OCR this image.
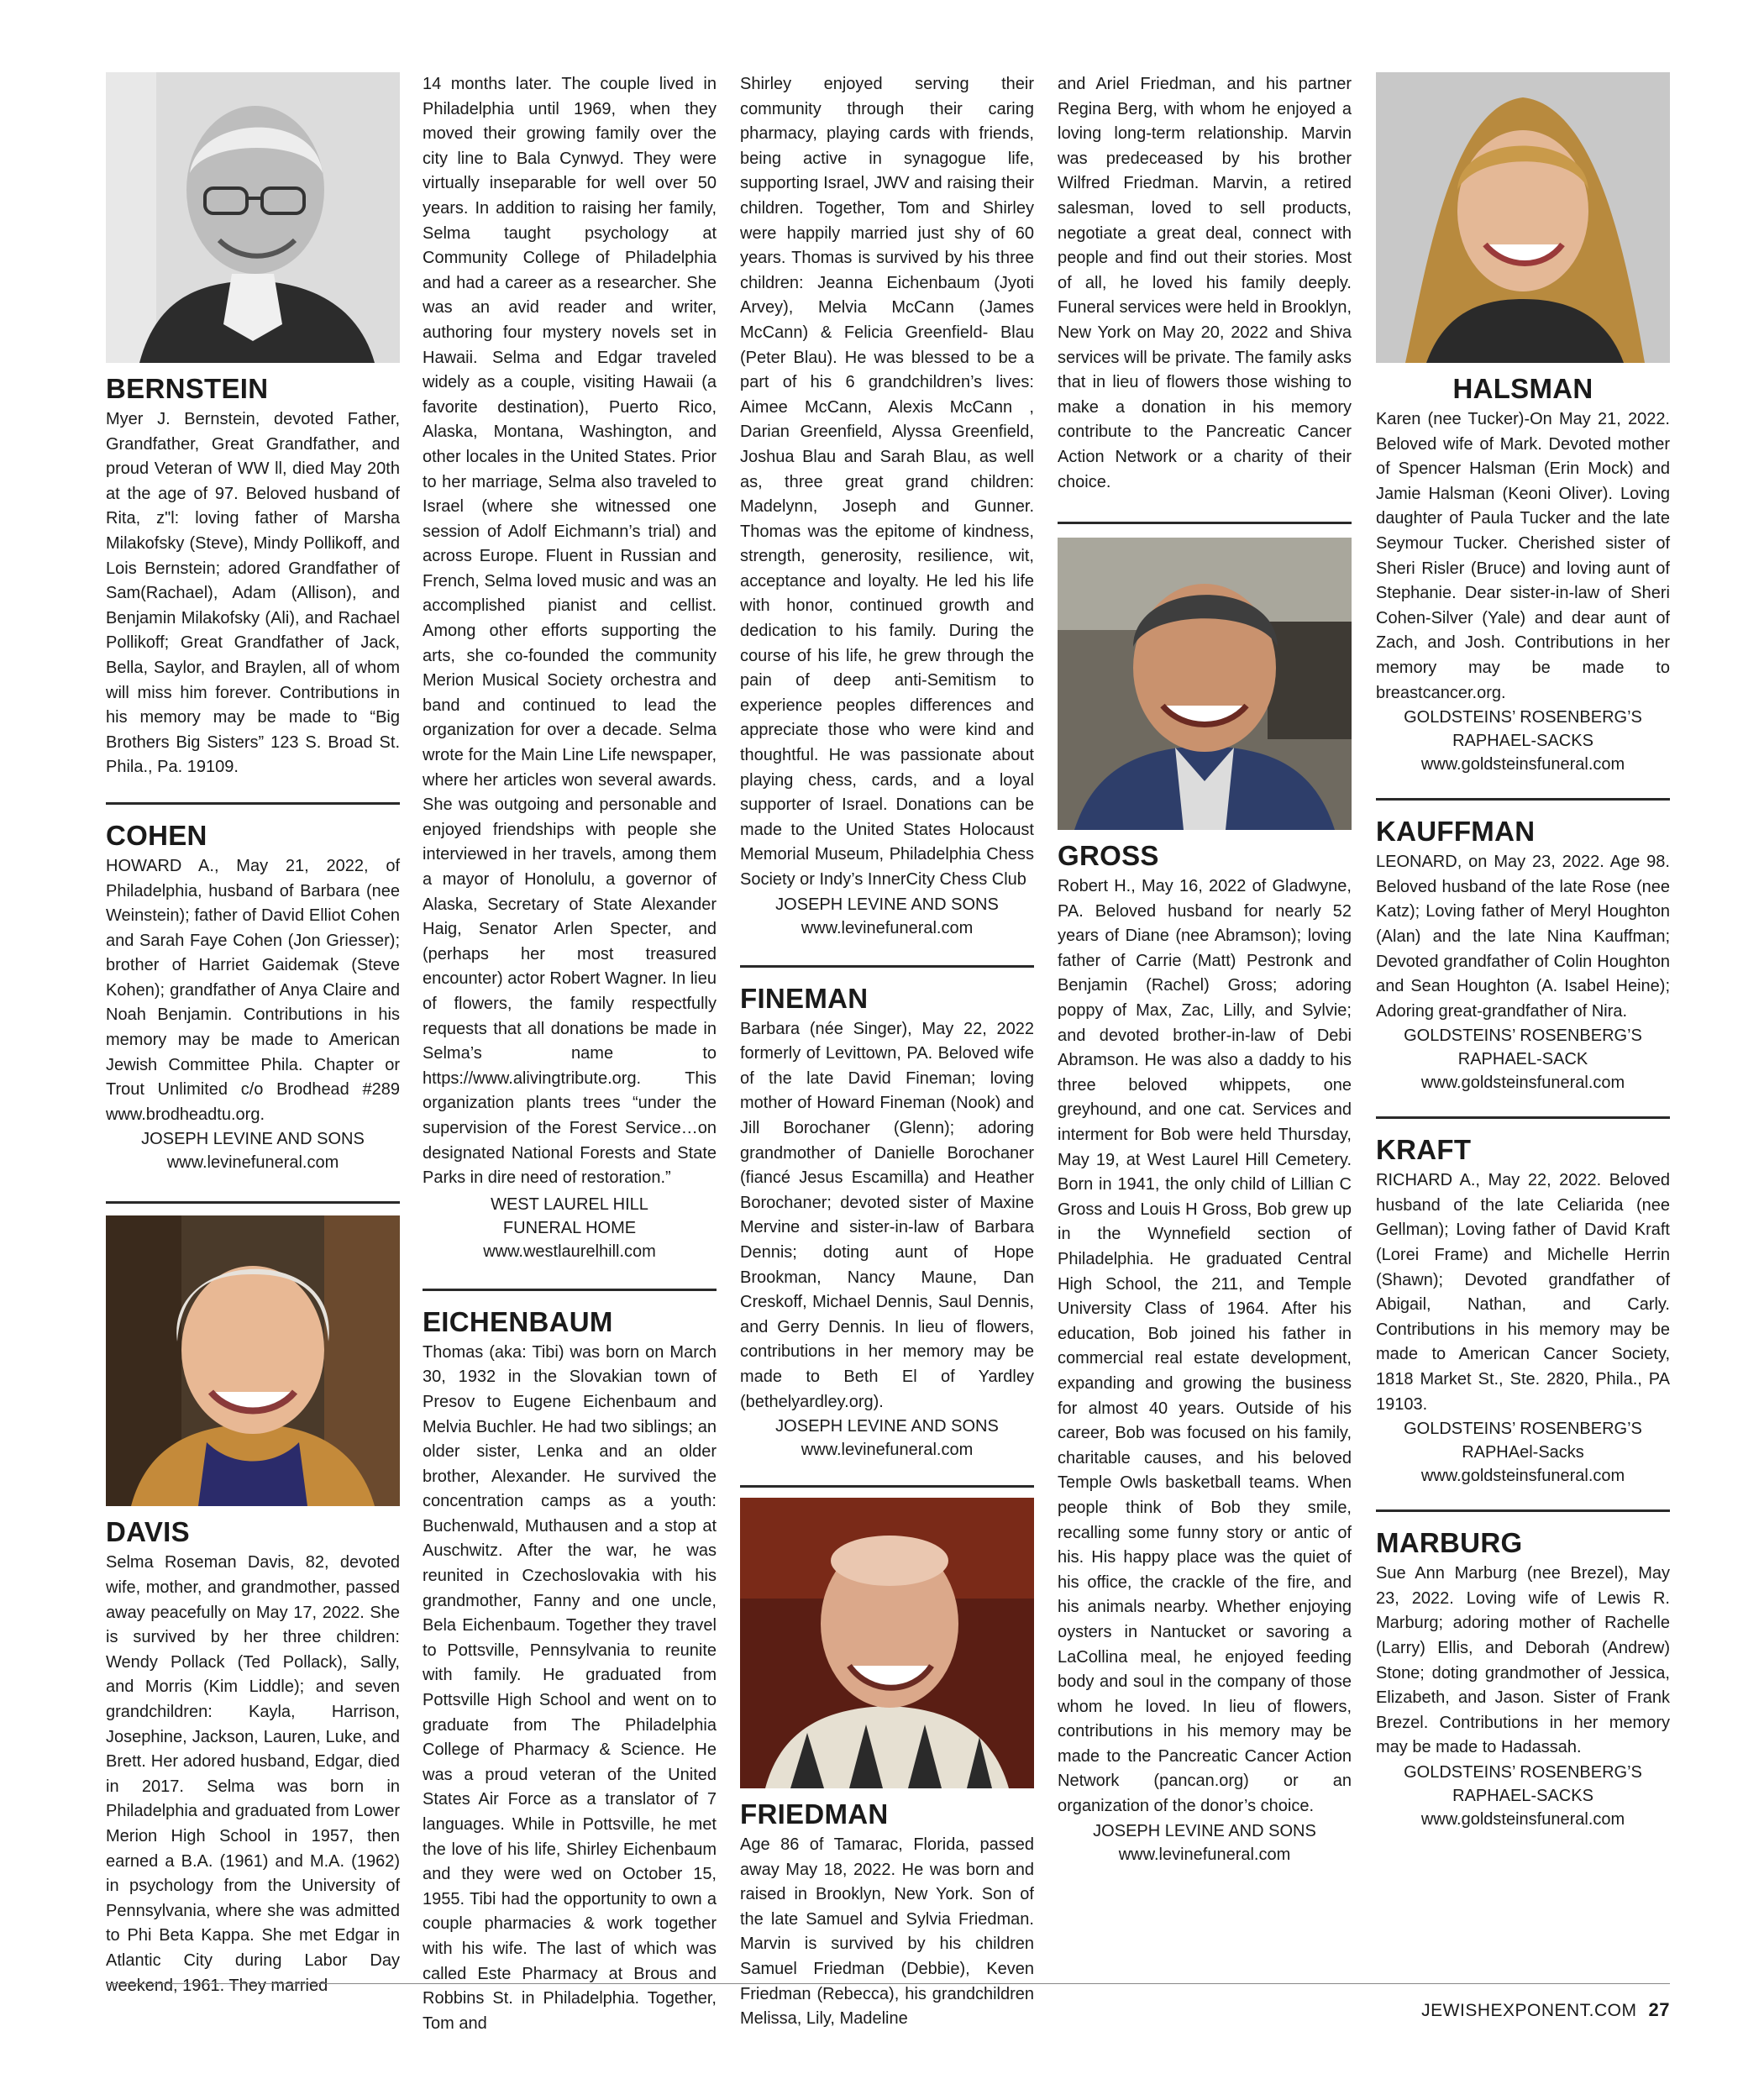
BERNSTEIN

Myer J. Bernstein, devoted Father, Grandfather, Great Grandfather, and proud Veteran of WW ll, died May 20th at the age of 97. Beloved husband of Rita, z"l: loving father of Marsha Milakofsky (Steve), Mindy Pollikoff, and Lois Bernstein; adored Grandfather of Sam(Rachael), Adam (Allison), and Benjamin Milakofsky (Ali), and Rachael Pollikoff; Great Grandfather of Jack, Bella, Saylor, and Braylen, all of whom will miss him forever. Contributions in his memory may be made to “Big Brothers Big Sisters” 123 S. Broad St. Phila., Pa. 19109.

COHEN

HOWARD A., May 21, 2022, of Philadelphia, husband of Barbara (nee Weinstein); father of David Elliot Cohen and Sarah Faye Cohen (Jon Griesser); brother of Harriet Gaidemak (Steve Kohen); grandfather of Anya Claire and Noah Benjamin. Contributions in his memory may be made to American Jewish Committee Phila. Chapter or Trout Unlimited c/o Brodhead #289 www.brodheadtu.org.

JOSEPH LEVINE AND SONS

www.levinefuneral.com

DAVIS

Selma Roseman Davis, 82, devoted wife, mother, and grandmother, passed away peacefully on May 17, 2022. She is survived by her three children: Wendy Pollack (Ted Pollack), Sally, and Morris (Kim Liddle); and seven grandchildren: Kayla, Harrison, Josephine, Jackson, Lauren, Luke, and Brett. Her adored husband, Edgar, died in 2017. Selma was born in Philadelphia and graduated from Lower Merion High School in 1957, then earned a B.A. (1961) and M.A. (1962) in psychology from the University of Pennsylvania, where she was admitted to Phi Beta Kappa. She met Edgar in Atlantic City during Labor Day weekend, 1961. They married

14 months later. The couple lived in Philadelphia until 1969, when they moved their growing family over the city line to Bala Cynwyd. They were virtually inseparable for well over 50 years. In addition to raising her family, Selma taught psychology at Community College of Philadelphia and had a career as a researcher. She was an avid reader and writer, authoring four mystery novels set in Hawaii. Selma and Edgar traveled widely as a couple, visiting Hawaii (a favorite destination), Puerto Rico, Alaska, Montana, Washington, and other locales in the United States. Prior to her marriage, Selma also traveled to Israel (where she witnessed one session of Adolf Eichmann’s trial) and across Europe. Fluent in Russian and French, Selma loved music and was an accomplished pianist and cellist. Among other efforts supporting the arts, she co-founded the community Merion Musical Society orchestra and band and continued to lead the organization for over a decade. Selma wrote for the Main Line Life newspaper, where her articles won several awards. She was outgoing and personable and enjoyed friendships with people she interviewed in her travels, among them a mayor of Honolulu, a governor of Alaska, Secretary of State Alexander Haig, Senator Arlen Specter, and (perhaps her most treasured encounter) actor Robert Wagner. In lieu of flowers, the family respectfully requests that all donations be made in Selma’s name to https://www.alivingtribute.org. This organization plants trees “under the supervision of the Forest Service…on designated National Forests and State Parks in dire need of restoration.”

WEST LAUREL HILL

FUNERAL HOME

www.westlaurelhill.com

EICHENBAUM

Thomas (aka: Tibi) was born on March 30, 1932 in the Slovakian town of Presov to Eugene Eichenbaum and Melvia Buchler. He had two siblings; an older sister, Lenka and an older brother, Alexander. He survived the concentration camps as a youth: Buchenwald, Muthausen and a stop at Auschwitz. After the war, he was reunited in Czechoslovakia with his grandmother, Fanny and one uncle, Bela Eichenbaum. Together they travel to Pottsville, Pennsylvania to reunite with family. He graduated from Pottsville High School and went on to graduate from The Philadelphia College of Pharmacy & Science. He was a proud veteran of the United States Air Force as a translator of 7 languages. While in Pottsville, he met the love of his life, Shirley Eichenbaum and they were wed on October 15, 1955. Tibi had the opportunity to own a couple pharmacies & work together with his wife. The last of which was called Este Pharmacy at Brous and Robbins St. in Philadelphia. Together, Tom and

Shirley enjoyed serving their community through their caring pharmacy, playing cards with friends, being active in synagogue life, supporting Israel, JWV and raising their children. Together, Tom and Shirley were happily married just shy of 60 years. Thomas is survived by his three children: Jeanna Eichenbaum (Jyoti Arvey), Melvia McCann (James McCann) & Felicia Greenfield- Blau (Peter Blau). He was blessed to be a part of his 6 grandchildren’s lives: Aimee McCann, Alexis McCann , Darian Greenfield, Alyssa Greenfield, Joshua Blau and Sarah Blau, as well as, three great grand children: Madelynn, Joseph and Gunner. Thomas was the epitome of kindness, strength, generosity, resilience, wit, acceptance and loyalty. He led his life with honor, continued growth and dedication to his family. During the course of his life, he grew through the pain of deep anti-Semitism to experience peoples differences and appreciate those who were kind and thoughtful. He was passionate about playing chess, cards, and a loyal supporter of Israel. Donations can be made to the United States Holocaust Memorial Museum, Philadelphia Chess Society or Indy’s InnerCity Chess Club

JOSEPH LEVINE AND SONS

www.levinefuneral.com

FINEMAN

Barbara (née Singer), May 22, 2022 formerly of Levittown, PA. Beloved wife of the late David Fineman; loving mother of Howard Fineman (Nook) and Jill Borochaner (Glenn); adoring grandmother of Danielle Borochaner (fiancé Jesus Escamilla) and Heather Borochaner; devoted sister of Maxine Mervine and sister-in-law of Barbara Dennis; doting aunt of Hope Brookman, Nancy Maune, Dan Creskoff, Michael Dennis, Saul Dennis, and Gerry Dennis. In lieu of flowers, contributions in her memory may be made to Beth El of Yardley (bethelyardley.org).

JOSEPH LEVINE AND SONS

www.levinefuneral.com

FRIEDMAN

Age 86 of Tamarac, Florida, passed away May 18, 2022. He was born and raised in Brooklyn, New York. Son of the late Samuel and Sylvia Friedman. Marvin is survived by his children Samuel Friedman (Debbie), Keven Friedman (Rebecca), his grandchildren Melissa, Lily, Madeline

and Ariel Friedman, and his partner Regina Berg, with whom he enjoyed a loving long-term relationship. Marvin was predeceased by his brother Wilfred Friedman. Marvin, a retired salesman, loved to sell products, negotiate a great deal, connect with people and find out their stories. Most of all, he loved his family deeply. Funeral services were held in Brooklyn, New York on May 20, 2022 and Shiva services will be private. The family asks that in lieu of flowers those wishing to make a donation in his memory contribute to the Pancreatic Cancer Action Network or a charity of their choice.

GROSS

Robert H., May 16, 2022 of Gladwyne, PA. Beloved husband for nearly 52 years of Diane (nee Abramson); loving father of Carrie (Matt) Pestronk and Benjamin (Rachel) Gross; adoring poppy of Max, Zac, Lilly, and Sylvie; and devoted brother-in-law of Debi Abramson. He was also a daddy to his three beloved whippets, one greyhound, and one cat. Services and interment for Bob were held Thursday, May 19, at West Laurel Hill Cemetery. Born in 1941, the only child of Lillian C Gross and Louis H Gross, Bob grew up in the Wynnefield section of Philadelphia. He graduated Central High School, the 211, and Temple University Class of 1964. After his education, Bob joined his father in commercial real estate development, expanding and growing the business for almost 40 years. Outside of his career, Bob was focused on his family, charitable causes, and his beloved Temple Owls basketball teams. When people think of Bob they smile, recalling some funny story or antic of his. His happy place was the quiet of his office, the crackle of the fire, and his animals nearby. Whether enjoying oysters in Nantucket or savoring a LaCollina meal, he enjoyed feeding body and soul in the company of those whom he loved. In lieu of flowers, contributions in his memory may be made to the Pancreatic Cancer Action Network (pancan.org) or an organization of the donor’s choice.

JOSEPH LEVINE AND SONS

www.levinefuneral.com

HALSMAN

Karen (nee Tucker)-On May 21, 2022. Beloved wife of Mark. Devoted mother of Spencer Halsman (Erin Mock) and Jamie Halsman (Keoni Oliver). Loving daughter of Paula Tucker and the late Seymour Tucker. Cherished sister of Sheri Risler (Bruce) and loving aunt of Stephanie. Dear sister-in-law of Sheri Cohen-Silver (Yale) and dear aunt of Zach, and Josh. Contributions in her memory may be made to breastcancer.org.

GOLDSTEINS’ ROSENBERG’S

RAPHAEL-SACKS

www.goldsteinsfuneral.com

KAUFFMAN

LEONARD, on May 23, 2022. Age 98. Beloved husband of the late Rose (nee Katz); Loving father of Meryl Houghton (Alan) and the late Nina Kauffman; Devoted grandfather of Colin Houghton and Sean Houghton (A. Isabel Heine); Adoring great-grandfather of Nira.

GOLDSTEINS’ ROSENBERG’S

RAPHAEL-SACK

www.goldsteinsfuneral.com

KRAFT

RICHARD A., May 22, 2022. Beloved husband of the late Celiarida (nee Gellman); Loving father of David Kraft (Lorei Frame) and Michelle Herrin (Shawn); Devoted grandfather of Abigail, Nathan, and Carly. Contributions in his memory may be made to American Cancer Society, 1818 Market St., Ste. 2820, Phila., PA 19103.

GOLDSTEINS’ ROSENBERG’S

RAPHAel-Sacks

www.goldsteinsfuneral.com

MARBURG

Sue Ann Marburg (nee Brezel), May 23, 2022. Loving wife of Lewis R. Marburg; adoring mother of Rachelle (Larry) Ellis, and Deborah (Andrew) Stone; doting grandmother of Jessica, Elizabeth, and Jason. Sister of Frank Brezel. Contributions in her memory may be made to Hadassah.

GOLDSTEINS’ ROSENBERG’S

RAPHAEL-SACKS

www.goldsteinsfuneral.com

JEWISHEXPONENT.COM 27
